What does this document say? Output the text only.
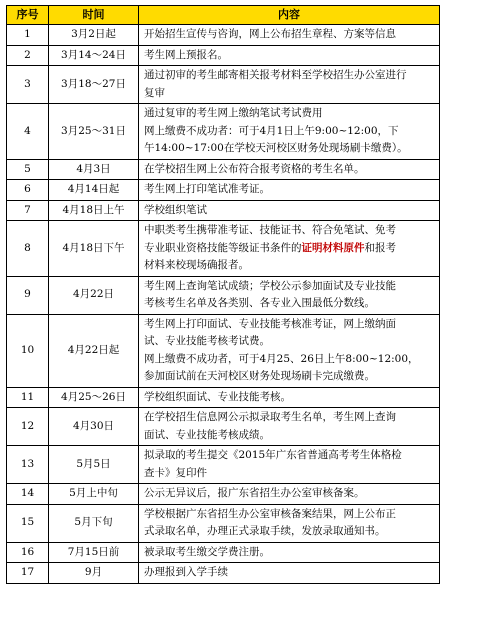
序号	时间	内容
1	3月2日起	开始招生宣传与咨询，网上公布招生章程、方案等信息

2	3月14～24日	考生网上预报名。

3	3月18～27日	通过初审的考生邮寄相关报考材料至学校招生办公室进行
复审

4	3月25～31日	通过复审的考生网上缴纳笔试考试费用
网上缴费不成功者：可于4月1日上午9:00~12:00，下
午14:00~17:00在学校天河校区财务处现场刷卡缴费）。

5	4月3日	在学校招生网上公布符合报考资格的考生名单。

6	4月14日起	考生网上打印笔试准考证。

7	4月18日上午	学校组织笔试

8	4月18日下午	中职类考生携带准考证、技能证书、符合免笔试、免考
专业职业资格技能等级证书条件的证明材料原件和报考
材料来校现场确报者。

9	4月22日	考生网上查询笔试成绩；学校公示参加面试及专业技能
考核考生名单及各类别、各专业入围最低分数线。

10	4月22日起	考生网上打印面试、专业技能考核准考证，网上缴纳面
试、专业技能考核考试费。
网上缴费不成功者，可于4月25、26日上午8:00~12:00，
参加面试前在天河校区财务处现场刷卡完成缴费。

11	4月25～26日	学校组织面试、专业技能考核。

12	4月30日	在学校招生信息网公示拟录取考生名单，考生网上查询
面试、专业技能考核成绩。

13	5月5日	拟录取的考生提交《2015年广东省普通高考考生体格检
查卡》复印件

14	5月上中旬	公示无异议后，报广东省招生办公室审核备案。

15	5月下旬	学校根据广东省招生办公室审核备案结果，网上公布正
式录取名单，办理正式录取手续，发放录取通知书。

16	7月15日前	被录取考生缴交学费注册。

17	9月	办理报到入学手续
